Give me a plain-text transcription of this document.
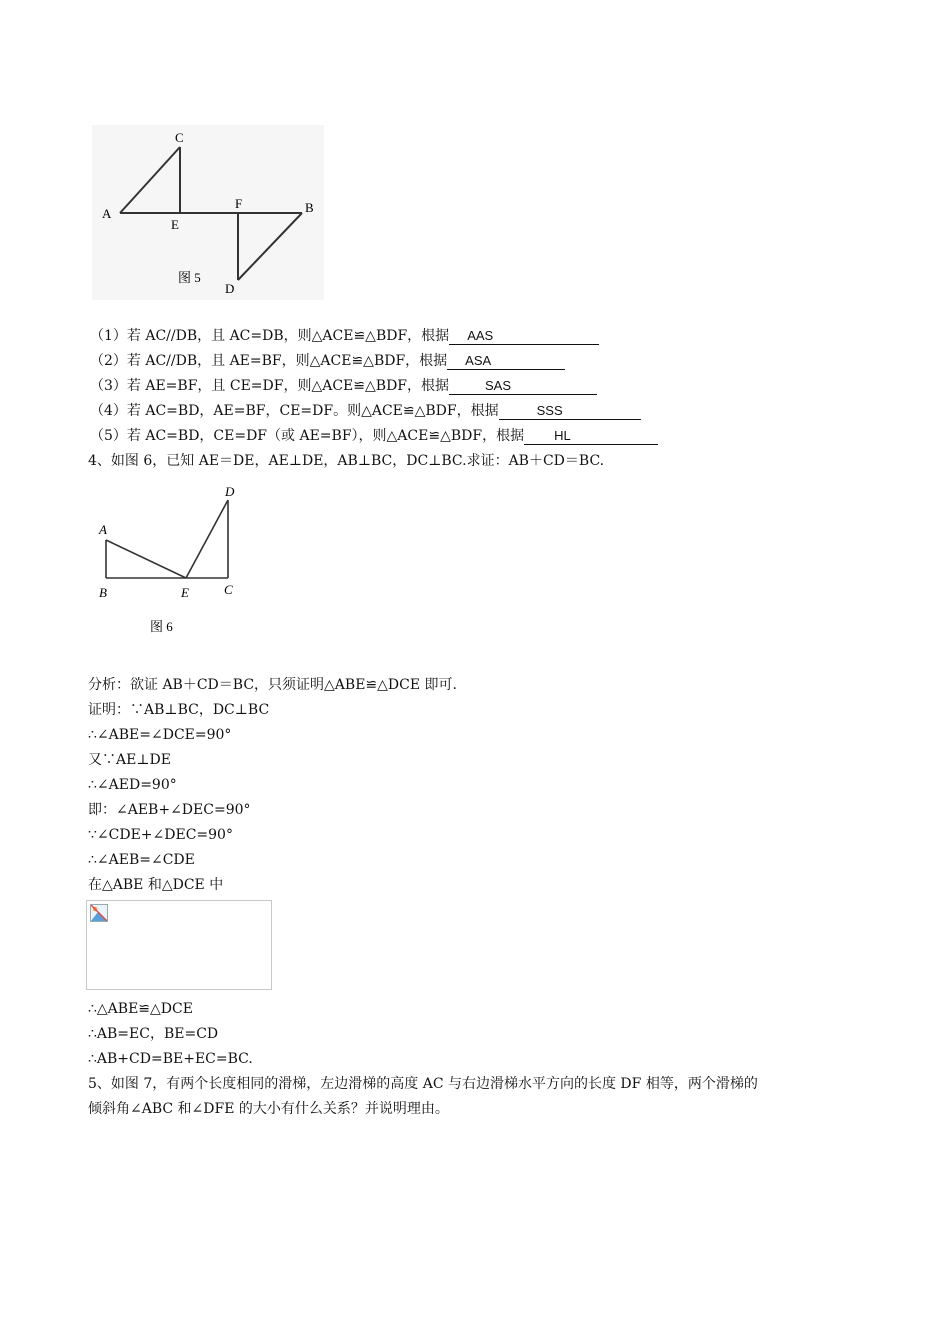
C
A
E
F	B
D
图 5
（1）若 AC//DB，且 AC=DB，则△ACE≌△BDF，根据 AAS
（2）若 AC//DB，且 AE=BF，则△ACE≌△BDF，根据 ASA
（3）若 AE=BF，且 CE=DF，则△ACE≌△BDF，根据	SAS
（4）若 AC=BD，AE=BF，CE=DF。则△ACE≌△BDF，根据	SSS
（5）若 AC=BD，CE=DF（或 AE=BF），则△ACE≌△BDF，根据 HL
4、如图 6，已知 AE＝DE，AE⊥DE，AB⊥BC，DC⊥BC.求证：AB＋CD＝BC.
D
A
B	E	C
图 6
分析：欲证 AB＋CD＝BC，只须证明△ABE≌△DCE 即可.
证明：∵AB⊥BC，DC⊥BC
∴∠ABE=∠DCE=90°
又∵AE⊥DE
∴∠AED=90°
即：∠AEB+∠DEC=90°
∵∠CDE+∠DEC=90°
∴∠AEB=∠CDE
在△ABE 和△DCE 中
∴△ABE≌△DCE
∴AB=EC，BE=CD
∴AB+CD=BE+EC=BC.
5、如图 7，有两个长度相同的滑梯，左边滑梯的高度 AC 与右边滑梯水平方向的长度 DF 相等，两个滑梯的
倾斜角∠ABC 和∠DFE 的大小有什么关系？并说明理由。
